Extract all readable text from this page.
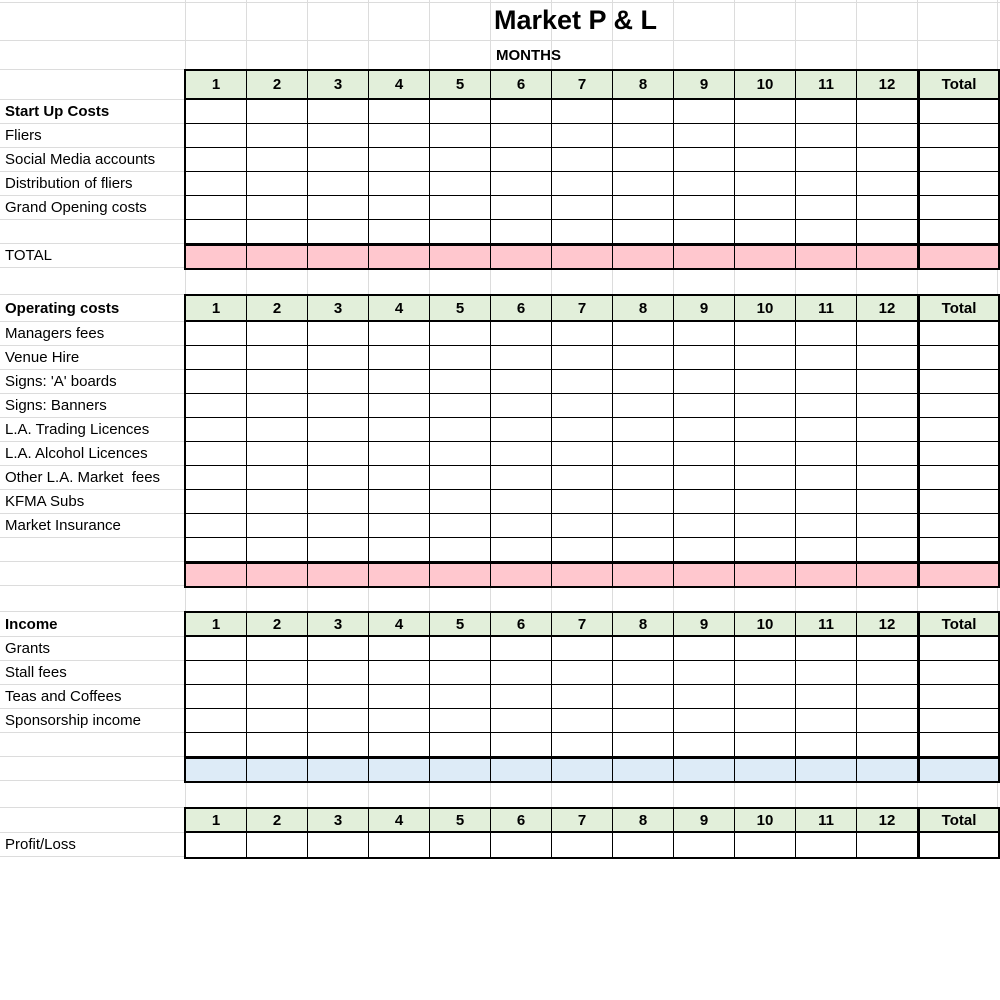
Market P & L
MONTHS
1	2	3	4	5	6	7	8	9	10	11	12	Total
Start Up Costs
Fliers
Social Media accounts
Distribution of fliers
Grand Opening costs
TOTAL
1	2	3	4	5	6	7	8	9	10	11	12	Total
Operating costs
Managers fees
Venue Hire
Signs: 'A' boards
Signs: Banners
L.A. Trading Licences
L.A. Alcohol Licences
Other L.A. Market  fees
KFMA Subs
Market Insurance
1	2	3	4	5	6	7	8	9	10	11	12	Total
Income
Grants
Stall fees
Teas and Coffees
Sponsorship income
1	2	3	4	5	6	7	8	9	10	11	12	Total
Profit/Loss
